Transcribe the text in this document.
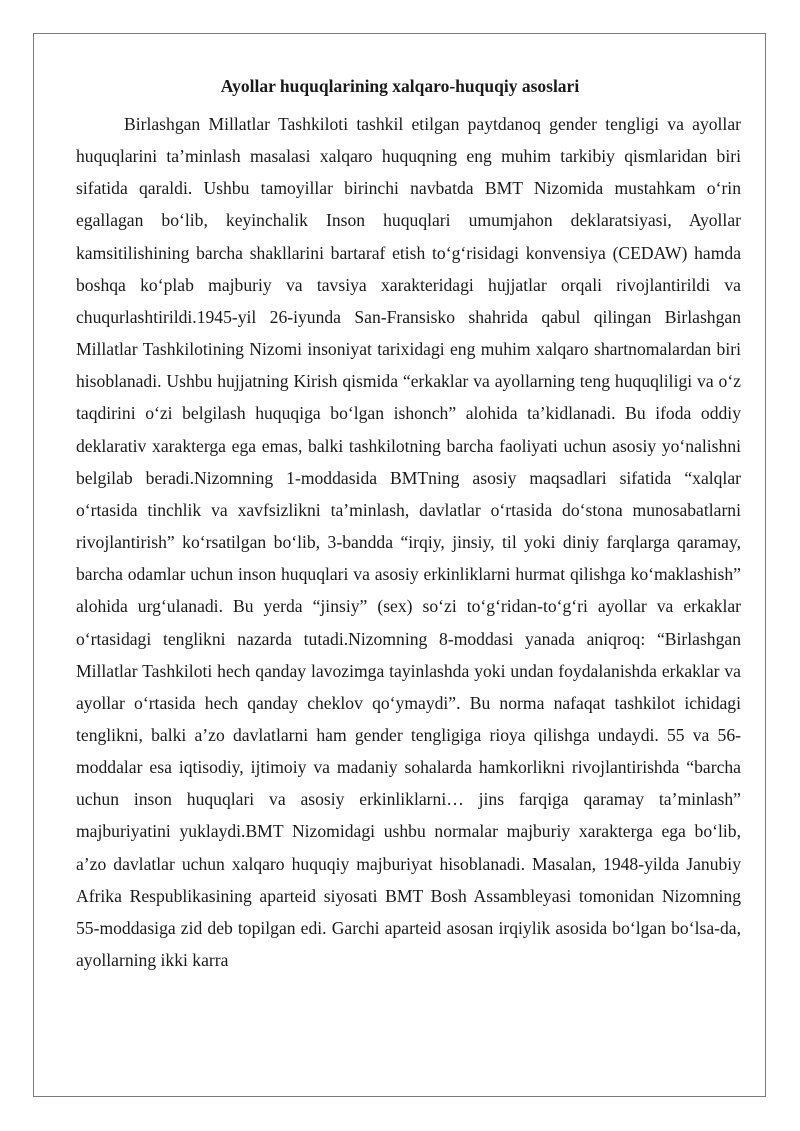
Ayollar huquqlarining xalqaro-huquqiy asoslari

Birlashgan Millatlar Tashkiloti tashkil etilgan paytdanoq gender tengligi va ayollar huquqlarini ta’minlash masalasi xalqaro huquqning eng muhim tarkibiy qismlaridan biri sifatida qaraldi. Ushbu tamoyillar birinchi navbatda BMT Nizomida mustahkam o‘rin egallagan bo‘lib, keyinchalik Inson huquqlari umumjahon deklaratsiyasi, Ayollar kamsitilishining barcha shakllarini bartaraf etish to‘g‘risidagi konvensiya (CEDAW) hamda boshqa ko‘plab majburiy va tavsiya xarakteridagi hujjatlar orqali rivojlantirildi va chuqurlashtirildi.1945-yil 26-iyunda San-Fransisko shahrida qabul qilingan Birlashgan Millatlar Tashkilotining Nizomi insoniyat tarixidagi eng muhim xalqaro shartnomalardan biri hisoblanadi. Ushbu hujjatning Kirish qismida “erkaklar va ayollarning teng huquqliligi va o‘z taqdirini o‘zi belgilash huquqiga bo‘lgan ishonch” alohida ta’kidlanadi. Bu ifoda oddiy deklarativ xarakterga ega emas, balki tashkilotning barcha faoliyati uchun asosiy yo‘nalishni belgilab beradi.Nizomning 1-moddasida BMTning asosiy maqsadlari sifatida “xalqlar o‘rtasida tinchlik va xavfsizlikni ta’minlash, davlatlar o‘rtasida do‘stona munosabatlarni rivojlantirish” ko‘rsatilgan bo‘lib, 3-bandda “irqiy, jinsiy, til yoki diniy farqlarga qaramay, barcha odamlar uchun inson huquqlari va asosiy erkinliklarni hurmat qilishga ko‘maklashish” alohida urg‘ulanadi. Bu yerda “jinsiy” (sex) so‘zi to‘g‘ridan-to‘g‘ri ayollar va erkaklar o‘rtasidagi tenglikni nazarda tutadi.Nizomning 8-moddasi yanada aniqroq: “Birlashgan Millatlar Tashkiloti hech qanday lavozimga tayinlashda yoki undan foydalanishda erkaklar va ayollar o‘rtasida hech qanday cheklov qo‘ymaydi”. Bu norma nafaqat tashkilot ichidagi tenglikni, balki a’zo davlatlarni ham gender tengligiga rioya qilishga undaydi. 55 va 56-moddalar esa iqtisodiy, ijtimoiy va madaniy sohalarda hamkorlikni rivojlantirishda “barcha uchun inson huquqlari va asosiy erkinliklarni… jins farqiga qaramay ta’minlash” majburiyatini yuklaydi.BMT Nizomidagi ushbu normalar majburiy xarakterga ega bo‘lib, a’zo davlatlar uchun xalqaro huquqiy majburiyat hisoblanadi. Masalan, 1948-yilda Janubiy Afrika Respublikasining aparteid siyosati BMT Bosh Assambleyasi tomonidan Nizomning 55-moddasiga zid deb topilgan edi. Garchi aparteid asosan irqiylik asosida bo‘lgan bo‘lsa-da, ayollarning ikki karra
